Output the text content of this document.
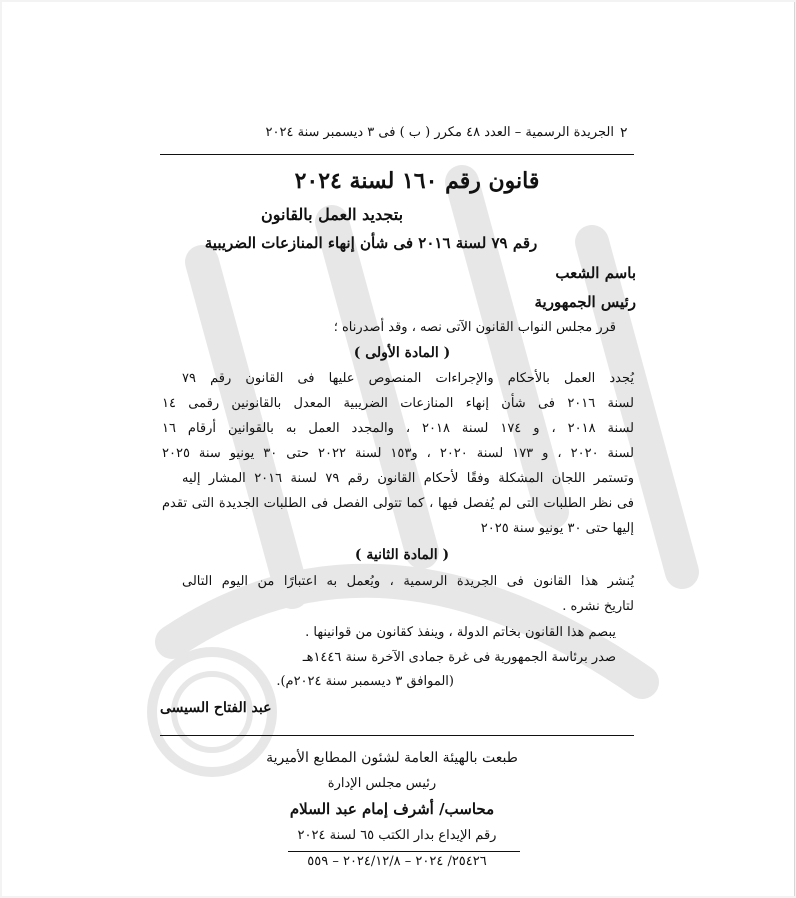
٢
الجريدة الرسمية – العدد ٤٨ مكرر ( ب ) فى ٣ ديسمبر سنة ٢٠٢٤
قانون رقم ١٦٠ لسنة ٢٠٢٤
بتجديد العمل بالقانون
رقم ٧٩ لسنة ٢٠١٦ فى شأن إنهاء المنازعات الضريبية
باسم الشعب
رئيس الجمهورية
قرر مجلس النواب القانون الآتى نصه ، وقد أصدرناه ؛
( المادة الأولى )
يُجدد العمل بالأحكام والإجراءات المنصوص عليها فى القانون رقم ٧٩
لسنة ٢٠١٦ فى شأن إنهاء المنازعات الضريبية المعدل بالقانونين رقمى ١٤
لسنة ٢٠١٨ ، و ١٧٤ لسنة ٢٠١٨ ، والمجدد العمل به بالقوانين أرقام ١٦
لسنة ٢٠٢٠ ، و ١٧٣ لسنة ٢٠٢٠ ، و١٥٣ لسنة ٢٠٢٢ حتى ٣٠ يونيو سنة ٢٠٢٥
وتستمر اللجان المشكلة وفقًا لأحكام القانون رقم ٧٩ لسنة ٢٠١٦ المشار إليه
فى نظر الطلبات التى لم يُفصل فيها ، كما تتولى الفصل فى الطلبات الجديدة التى تقدم
إليها حتى ٣٠ يونيو سنة ٢٠٢٥
( المادة الثانية )
يُنشر هذا القانون فى الجريدة الرسمية ، ويُعمل به اعتبارًا من اليوم التالى
لتاريخ نشره .
يبصم هذا القانون بخاتم الدولة ، وينفذ كقانون من قوانينها .
صدر برئاسة الجمهورية فى غرة جمادى الآخرة سنة ١٤٤٦هـ
(الموافق ٣ ديسمبر سنة ٢٠٢٤م).
عبد الفتاح السيسى
طبعت بالهيئة العامة لشئون المطابع الأميرية
رئيس مجلس الإدارة
محاسب/ أشرف إمام عبد السلام
رقم الإيداع بدار الكتب ٦٥ لسنة ٢٠٢٤
٢٥٤٢٦/ ٢٠٢٤ – ٢٠٢٤/١٢/٨ – ٥٥٩
